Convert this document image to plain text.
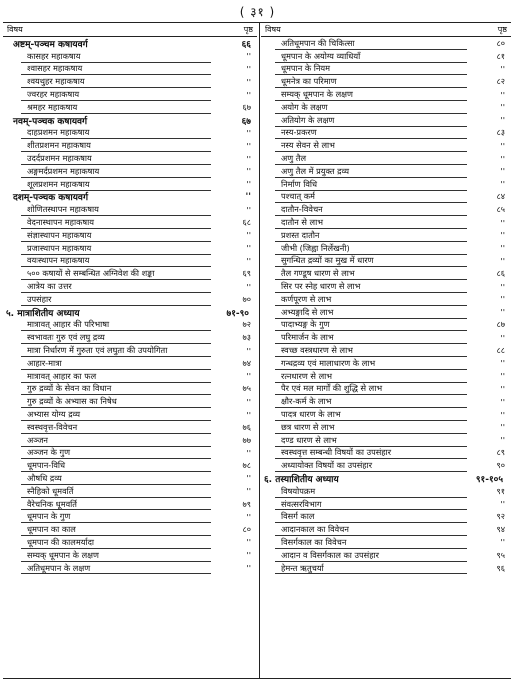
( ३१ )
विषय	पृष्ठ
अष्टम्-पञ्चम कषायवर्ग	६६
कासहर महाकषाय	''
श्वासहर महाकषाय	''
श्वयथुहर महाकषाय	''
ज्वरहर महाकषाय	''
श्रमहर महाकषाय	६७
नवम्-पञ्चक कषायवर्ग	६७
दाहप्रशमन महाकषाय	''
शीतप्रशमन महाकषाय	''
उदर्दप्रशमन महाकषाय	''
अङ्गमर्दप्रशमन महाकषाय	''
शूलप्रशमन महाकषाय	''
दशम्-पञ्चक कषायवर्ग	''
शोणितस्थापन महाकषाय	''
वेदनास्थापन महाकषाय	६८
संज्ञास्थापन महाकषाय	''
प्रजास्थापन महाकषाय	''
वयःस्थापन महाकषाय	''
५०० कषायों से सम्बन्धित अग्निवेश की शङ्का	६९
आत्रेय का उत्तर	''
उपसंहार	७०
५. मात्राशितीय अध्याय	७१-९०
मात्रावत् आहार की परिभाषा	७२
स्वभावतः गुरु एवं लघु द्रव्य	७३
मात्रा निर्धारण में गुरुता एवं लघुता की उपयोगिता	''
आहार-मात्रा	७४
मात्रावत् आहार का फल	''
गुरु द्रव्यों के सेवन का विधान	७५
गुरु द्रव्यों के अभ्यास का निषेध	''
अभ्यास योग्य द्रव्य	''
स्वस्थवृत्त-विवेचन	७६
अञ्जन	७७
अञ्जन के गुण	''
धूमपान-विधि	७८
औषधि द्रव्य	''
स्नैहिको धूमवर्ति	''
वैरेचनिक धूमवर्ति	७९
धूमपान के गुण	''
धूमपान का काल	८०
धूमपान की कालमर्यादा	''
सम्यक् धूमपान के लक्षण	''
अतिधूमपान के लक्षण	''
विषय	पृष्ठ
अतिधूमपान की चिकित्सा	८०
धूमपान के अयोग्य व्याधियाँ	८१
धूमपान के नियम	''
धूमनेत्र का परिमाण	८२
सम्यक् धूमपान के लक्षण	''
अयोग के लक्षण	''
अतियोग के लक्षण	''
नस्य-प्रकरण	८३
नस्य सेवन से लाभ	''
अणु तैल	''
अणु तैल में प्रयुक्त द्रव्य	''
निर्माण विधि	''
पश्चात् कर्म	८४
दातौन-विवेचन	८५
दातौन से लाभ	''
प्रशस्त दातौन	''
जीभी (जिह्वा निर्लेखनी)	''
सुगन्धित द्रव्यों का मुख में धारण	''
तैल गण्डूष धारण से लाभ	८६
सिर पर स्नेह धारण से लाभ	''
कर्णपूरण से लाभ	''
अभ्यङ्गादि से लाभ	''
पादाभ्यङ्ग के गुण	८७
परिमार्जन के लाभ	''
स्वच्छ वस्त्रधारण से लाभ	८८
गन्धद्रव्य एवं मालाधारण के लाभ	''
रत्नधारण से लाभ	''
पैर एवं मल मार्गों की शुद्धि से लाभ	''
क्षौर-कर्म के लाभ	''
पादत्र धारण के लाभ	''
छत्र धारण से लाभ	''
दण्ड धारण से लाभ	''
स्वस्थवृत्त सम्बन्धी विषयों का उपसंहार	८९
अध्यायोक्त विषयों का उपसंहार	९०
६. तस्याशितीय अध्याय	९१-१०५
विषयोपक्रम	९१
संवत्सरविभाग	''
विसर्ग काल	९२
आदानकाल का विवेचन	९४
विसर्गकाल का विवेचन	''
आदान व विसर्गकाल का उपसंहार	९५
हेमन्त ऋतुचर्या	९६
